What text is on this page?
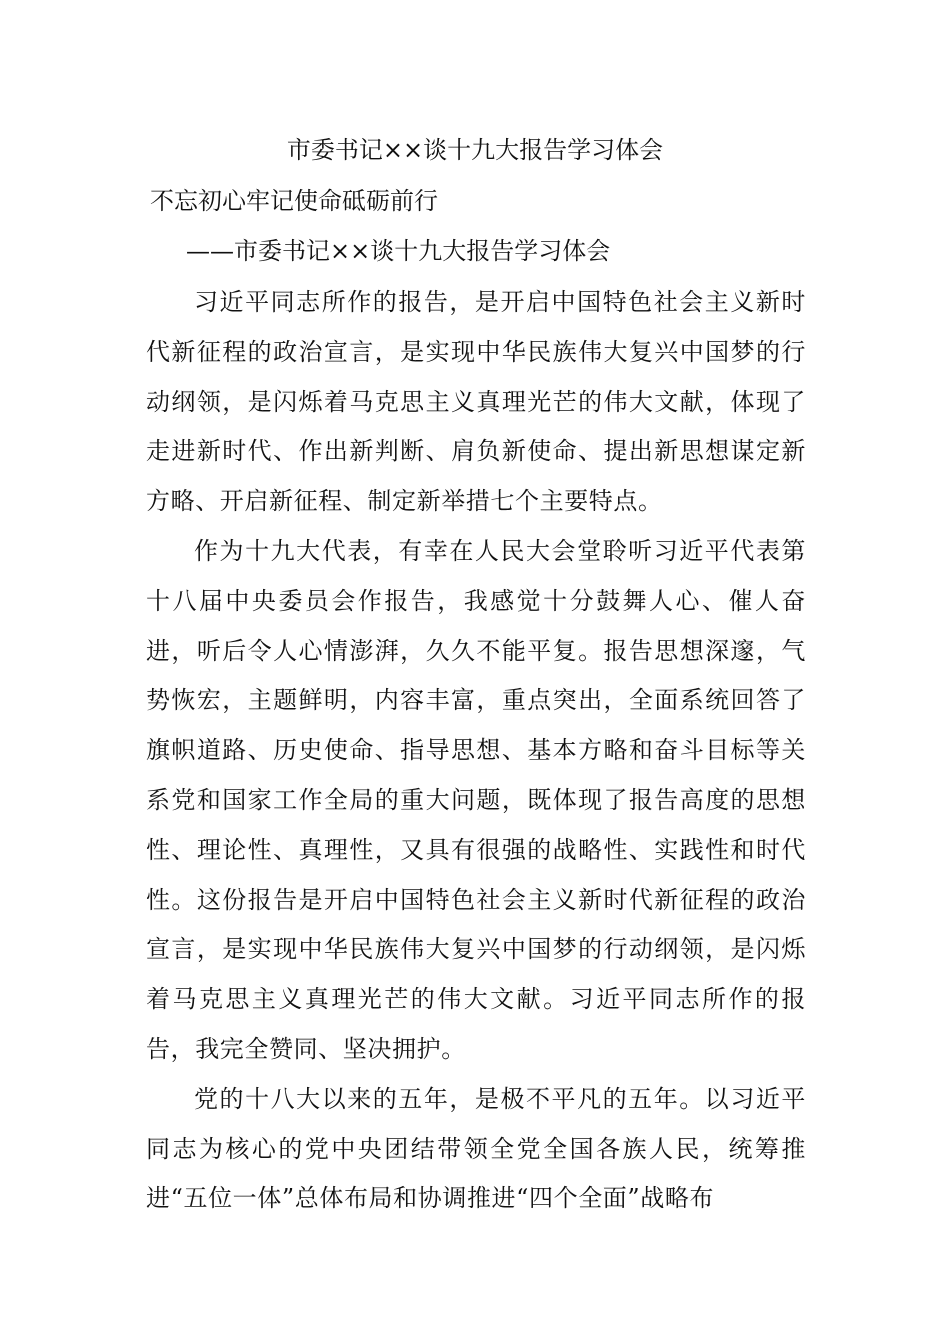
市委书记××谈十九大报告学习体会

不忘初心牢记使命砥砺前行

——市委书记××谈十九大报告学习体会

习近平同志所作的报告，是开启中国特色社会主义新时代新征程的政治宣言，是实现中华民族伟大复兴中国梦的行动纲领，是闪烁着马克思主义真理光芒的伟大文献，体现了走进新时代、作出新判断、肩负新使命、提出新思想谋定新方略、开启新征程、制定新举措七个主要特点。

作为十九大代表，有幸在人民大会堂聆听习近平代表第十八届中央委员会作报告，我感觉十分鼓舞人心、催人奋进，听后令人心情澎湃，久久不能平复。报告思想深邃，气势恢宏，主题鲜明，内容丰富，重点突出，全面系统回答了旗帜道路、历史使命、指导思想、基本方略和奋斗目标等关系党和国家工作全局的重大问题，既体现了报告高度的思想性、理论性、真理性，又具有很强的战略性、实践性和时代性。这份报告是开启中国特色社会主义新时代新征程的政治宣言，是实现中华民族伟大复兴中国梦的行动纲领，是闪烁着马克思主义真理光芒的伟大文献。习近平同志所作的报告，我完全赞同、坚决拥护。

党的十八大以来的五年，是极不平凡的五年。以习近平同志为核心的党中央团结带领全党全国各族人民，统筹推进“五位一体”总体布局和协调推进“四个全面”战略布
